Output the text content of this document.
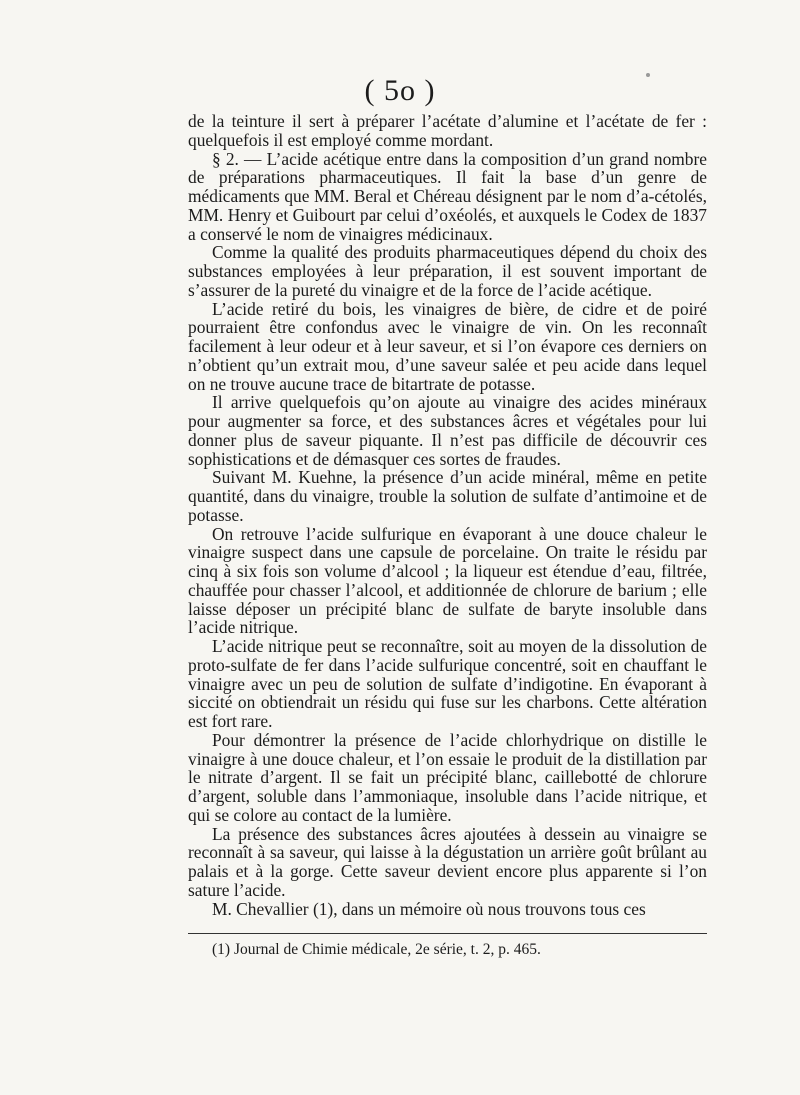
( 5o )

de la teinture il sert à préparer l’acétate d’alumine et l’acétate de fer : quelquefois il est employé comme mordant.

§ 2. — L’acide acétique entre dans la composition d’un grand nombre de préparations pharmaceutiques. Il fait la base d’un genre de médicaments que MM. Beral et Chéreau désignent par le nom d’a-cétolés, MM. Henry et Guibourt par celui d’oxéolés, et auxquels le Codex de 1837 a conservé le nom de vinaigres médicinaux.

Comme la qualité des produits pharmaceutiques dépend du choix des substances employées à leur préparation, il est souvent important de s’assurer de la pureté du vinaigre et de la force de l’acide acétique.

L’acide retiré du bois, les vinaigres de bière, de cidre et de poiré pourraient être confondus avec le vinaigre de vin. On les reconnaît facilement à leur odeur et à leur saveur, et si l’on évapore ces derniers on n’obtient qu’un extrait mou, d’une saveur salée et peu acide dans lequel on ne trouve aucune trace de bitartrate de potasse.

Il arrive quelquefois qu’on ajoute au vinaigre des acides minéraux pour augmenter sa force, et des substances âcres et végétales pour lui donner plus de saveur piquante. Il n’est pas difficile de découvrir ces sophistications et de démasquer ces sortes de fraudes.

Suivant M. Kuehne, la présence d’un acide minéral, même en petite quantité, dans du vinaigre, trouble la solution de sulfate d’antimoine et de potasse.

On retrouve l’acide sulfurique en évaporant à une douce chaleur le vinaigre suspect dans une capsule de porcelaine. On traite le résidu par cinq à six fois son volume d’alcool ; la liqueur est étendue d’eau, filtrée, chauffée pour chasser l’alcool, et additionnée de chlorure de barium ; elle laisse déposer un précipité blanc de sulfate de baryte insoluble dans l’acide nitrique.

L’acide nitrique peut se reconnaître, soit au moyen de la dissolution de proto-sulfate de fer dans l’acide sulfurique concentré, soit en chauffant le vinaigre avec un peu de solution de sulfate d’indigotine. En évaporant à siccité on obtiendrait un résidu qui fuse sur les charbons. Cette altération est fort rare.

Pour démontrer la présence de l’acide chlorhydrique on distille le vinaigre à une douce chaleur, et l’on essaie le produit de la distillation par le nitrate d’argent. Il se fait un précipité blanc, caillebotté de chlorure d’argent, soluble dans l’ammoniaque, insoluble dans l’acide nitrique, et qui se colore au contact de la lumière.

La présence des substances âcres ajoutées à dessein au vinaigre se reconnaît à sa saveur, qui laisse à la dégustation un arrière goût brûlant au palais et à la gorge. Cette saveur devient encore plus apparente si l’on sature l’acide.

M. Chevallier (1), dans un mémoire où nous trouvons tous ces

(1) Journal de Chimie médicale, 2e série, t. 2, p. 465.
